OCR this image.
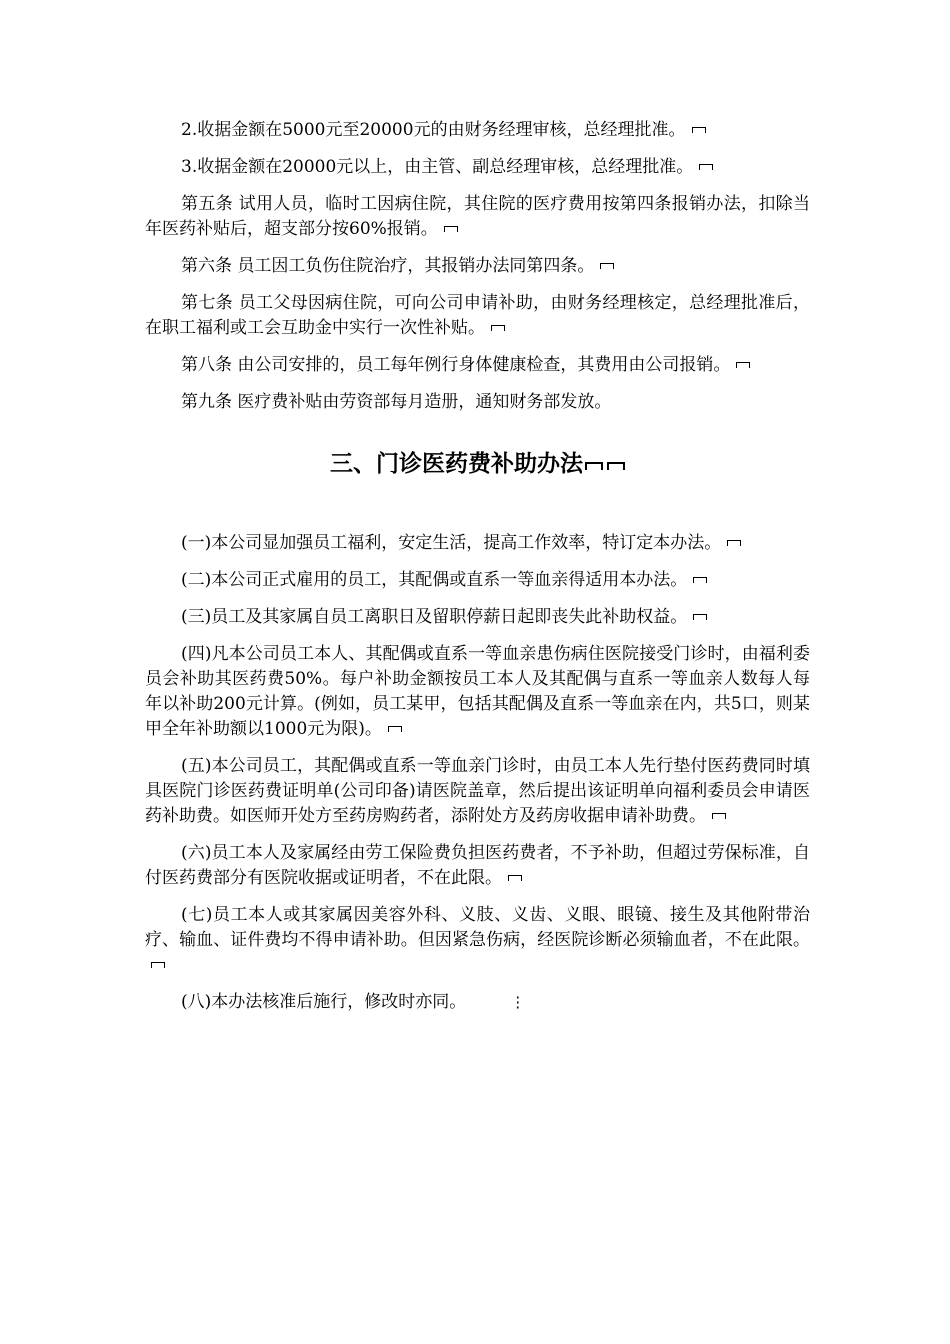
2.收据金额在5000元至20000元的由财务经理审核，总经理批准。

3.收据金额在20000元以上，由主管、副总经理审核，总经理批准。

第五条 试用人员，临时工因病住院，其住院的医疗费用按第四条报销办法，扣除当年医药补贴后，超支部分按60%报销。

第六条 员工因工负伤住院治疗，其报销办法同第四条。

第七条 员工父母因病住院，可向公司申请补助，由财务经理核定，总经理批准后，在职工福利或工会互助金中实行一次性补贴。

第八条 由公司安排的，员工每年例行身体健康检查，其费用由公司报销。

第九条 医疗费补贴由劳资部每月造册，通知财务部发放。

三、门诊医药费补助办法

(一)本公司显加强员工福利，安定生活，提高工作效率，特订定本办法。

(二)本公司正式雇用的员工，其配偶或直系一等血亲得适用本办法。

(三)员工及其家属自员工离职日及留职停薪日起即丧失此补助权益。

(四)凡本公司员工本人、其配偶或直系一等血亲患伤病住医院接受门诊时，由福利委员会补助其医药费50%。每户补助金额按员工本人及其配偶与直系一等血亲人数每人每年以补助200元计算。(例如，员工某甲，包括其配偶及直系一等血亲在内，共5口，则某甲全年补助额以1000元为限)。

(五)本公司员工，其配偶或直系一等血亲门诊时，由员工本人先行垫付医药费同时填具医院门诊医药费证明单(公司印备)请医院盖章，然后提出该证明单向福利委员会申请医药补助费。如医师开处方至药房购药者，添附处方及药房收据申请补助费。

(六)员工本人及家属经由劳工保险费负担医药费者，不予补助，但超过劳保标准，自付医药费部分有医院收据或证明者，不在此限。

(七)员工本人或其家属因美容外科、义肢、义齿、义眼、眼镜、接生及其他附带治疗、输血、证件费均不得申请补助。但因紧急伤病，经医院诊断必须输血者，不在此限。

(八)本办法核准后施行，修改时亦同。	⋮
